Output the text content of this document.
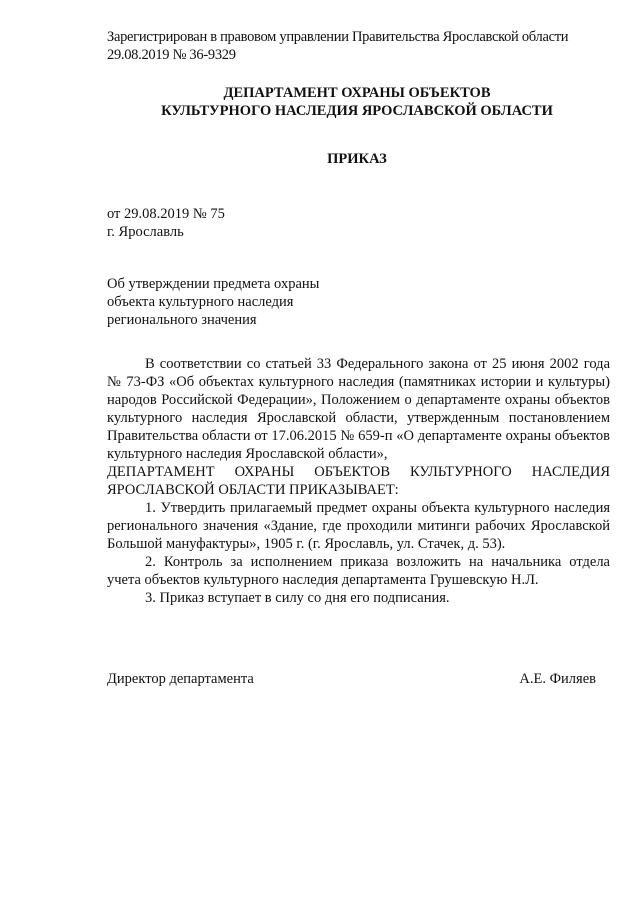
Зарегистрирован в правовом управлении Правительства Ярославской области
29.08.2019 № 36-9329
ДЕПАРТАМЕНТ ОХРАНЫ ОБЪЕКТОВ
КУЛЬТУРНОГО НАСЛЕДИЯ ЯРОСЛАВСКОЙ ОБЛАСТИ
ПРИКАЗ
от 29.08.2019 № 75
г. Ярославль
Об утверждении предмета охраны
объекта культурного наследия
регионального значения

В соответствии со статьей 33 Федерального закона от 25 июня 2002 года № 73-ФЗ «Об объектах культурного наследия (памятниках истории и культуры) народов Российской Федерации», Положением о департаменте охраны объектов культурного наследия Ярославской области, утвержденным постановлением Правительства области от 17.06.2015 № 659-п «О департаменте охраны объектов культурного наследия Ярославской области»,

ДЕПАРТАМЕНТ ОХРАНЫ ОБЪЕКТОВ КУЛЬТУРНОГО НАСЛЕДИЯ ЯРОСЛАВСКОЙ ОБЛАСТИ ПРИКАЗЫВАЕТ:

1. Утвердить прилагаемый предмет охраны объекта культурного наследия регионального значения «Здание, где проходили митинги рабочих Ярославской Большой мануфактуры», 1905 г. (г. Ярославль, ул. Стачек, д. 53).

2. Контроль за исполнением приказа возложить на начальника отдела учета объектов культурного наследия департамента Грушевскую Н.Л.

3. Приказ вступает в силу со дня его подписания.

Директор департамента	А.Е. Филяев
